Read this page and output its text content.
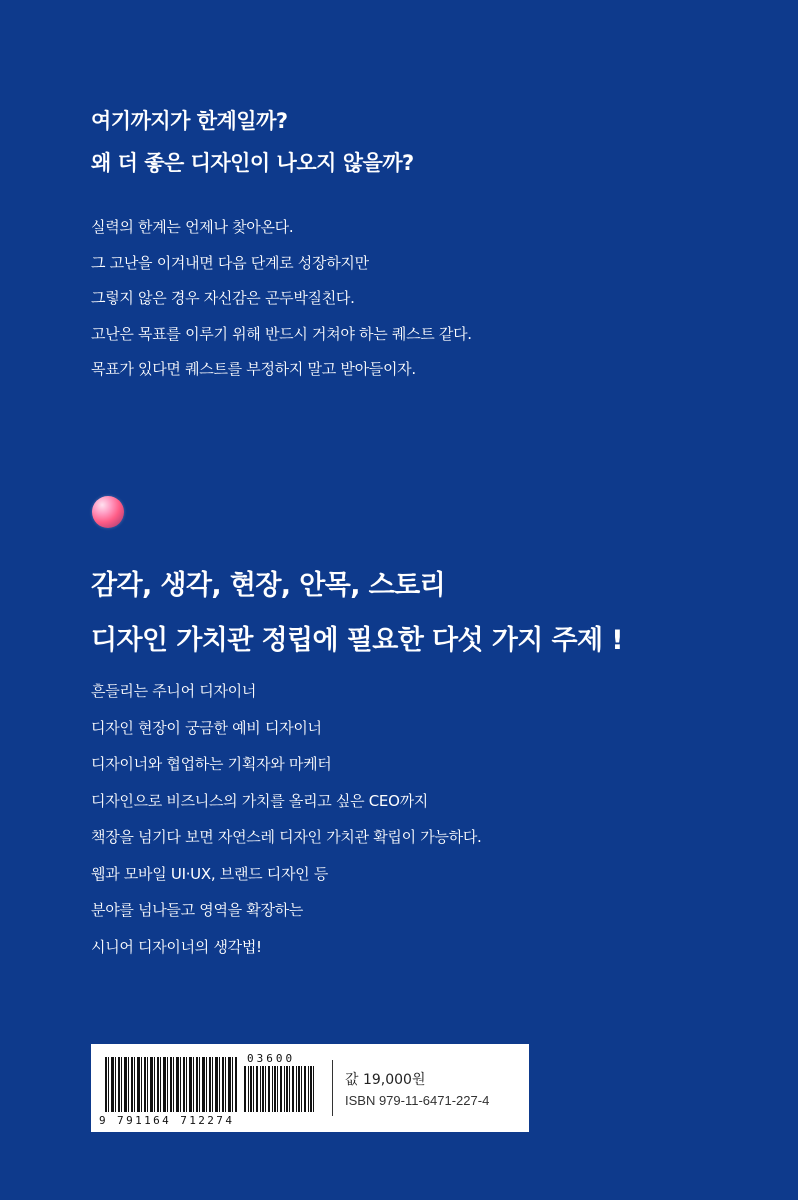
여기까지가 한계일까?
왜 더 좋은 디자인이 나오지 않을까?
실력의 한계는 언제나 찾아온다.
그 고난을 이겨내면 다음 단계로 성장하지만
그렇지 않은 경우 자신감은 곤두박질친다.
고난은 목표를 이루기 위해 반드시 거쳐야 하는 퀘스트 같다.
목표가 있다면 퀘스트를 부정하지 말고 받아들이자.
감각, 생각, 현장, 안목, 스토리
디자인 가치관 정립에 필요한 다섯 가지 주제 !
흔들리는 주니어 디자이너
디자인 현장이 궁금한 예비 디자이너
디자이너와 협업하는 기획자와 마케터
디자인으로 비즈니스의 가치를 올리고 싶은 CEO까지
책장을 넘기다 보면 자연스레 디자인 가치관 확립이 가능하다.
웹과 모바일 UI·UX, 브랜드 디자인 등
분야를 넘나들고 영역을 확장하는
시니어 디자이너의 생각법!
03600
9 791164 712274
값 19,000원
ISBN 979-11-6471-227-4
